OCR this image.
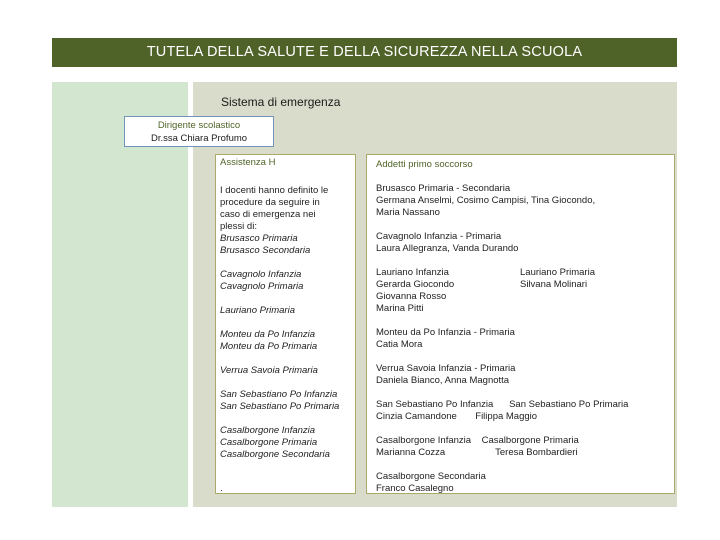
TUTELA DELLA SALUTE E DELLA SICUREZZA NELLA SCUOLA
Sistema di emergenza
Dirigente scolastico
Dr.ssa Chiara Profumo
Assistenza H
I docenti hanno definito le
procedure da seguire in
caso di emergenza nei
plessi di:
Brusasco Primaria
Brusasco Secondaria
Cavagnolo Infanzia
Cavagnolo Primaria
Lauriano Primaria
Monteu da Po Infanzia
Monteu da Po Primaria
Verrua Savoia Primaria
San Sebastiano Po Infanzia
San Sebastiano Po Primaria
Casalborgone Infanzia
Casalborgone Primaria
Casalborgone Secondaria
.
Addetti primo soccorso
Brusasco Primaria - Secondaria
Germana Anselmi, Cosimo Campisi, Tina Giocondo,
Maria Nassano
Cavagnolo Infanzia - Primaria
Laura Allegranza, Vanda Durando
Lauriano Infanzia
Gerarda Giocondo
Giovanna Rosso
Marina Pitti
Lauriano Primaria
Silvana Molinari
Monteu da Po Infanzia - Primaria
Catia Mora
Verrua Savoia Infanzia - Primaria
Daniela Bianco, Anna Magnotta
San Sebastiano Po Infanzia      San Sebastiano Po Primaria
Cinzia Camandone       Filippa Maggio
Casalborgone Infanzia    Casalborgone Primaria
Marianna Cozza                   Teresa Bombardieri
Casalborgone Secondaria
Franco Casalegno
